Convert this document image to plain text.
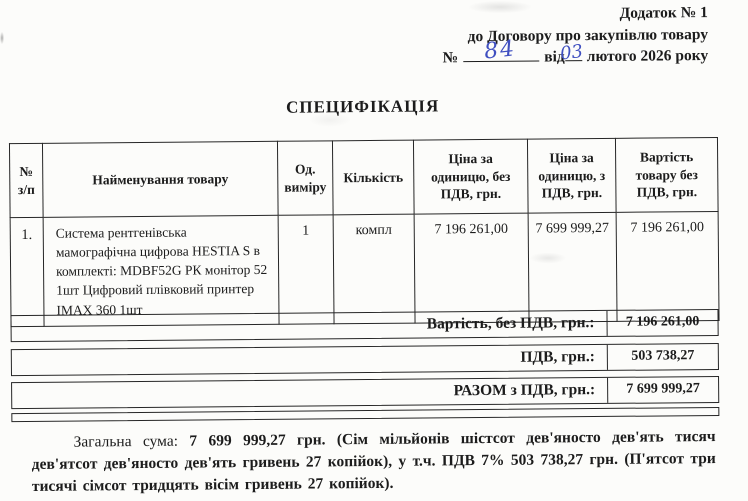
Додаток № 1
до Договору про закупівлю товару
№ 84 від
03 лютого 2026 року
СПЕЦИФІКАЦІЯ
№ з/п	Найменування товару	Од. виміру	Кількість	Ціна за одиницю, без ПДВ, грн.	Ціна за одиницю, з ПДВ, грн.	Вартість товару без ПДВ, грн.
1.	Система рентгенівська мамографічна цифрова HESTIA S в комплекті: MDBF52G РК монітор 52 1шт Цифровий плівковий принтер IMAX 360 1шт	1	компл	7 196 261,00	7 699 999,27	7 196 261,00
Вартість, без ПДВ, грн.:	7 196 261,00
ПДВ, грн.:	503 738,27
РАЗОМ з ПДВ, грн.:	7 699 999,27
Загальна сума: 7 699 999,27 грн. (Сім мільйонів шістсот дев'яносто дев'ять тисяч дев'ятсот дев'яносто дев'ять гривень 27 копійок), у т.ч. ПДВ 7% 503 738,27 грн. (П'ятсот три тисячі сімсот тридцять вісім гривень 27 копійок).
